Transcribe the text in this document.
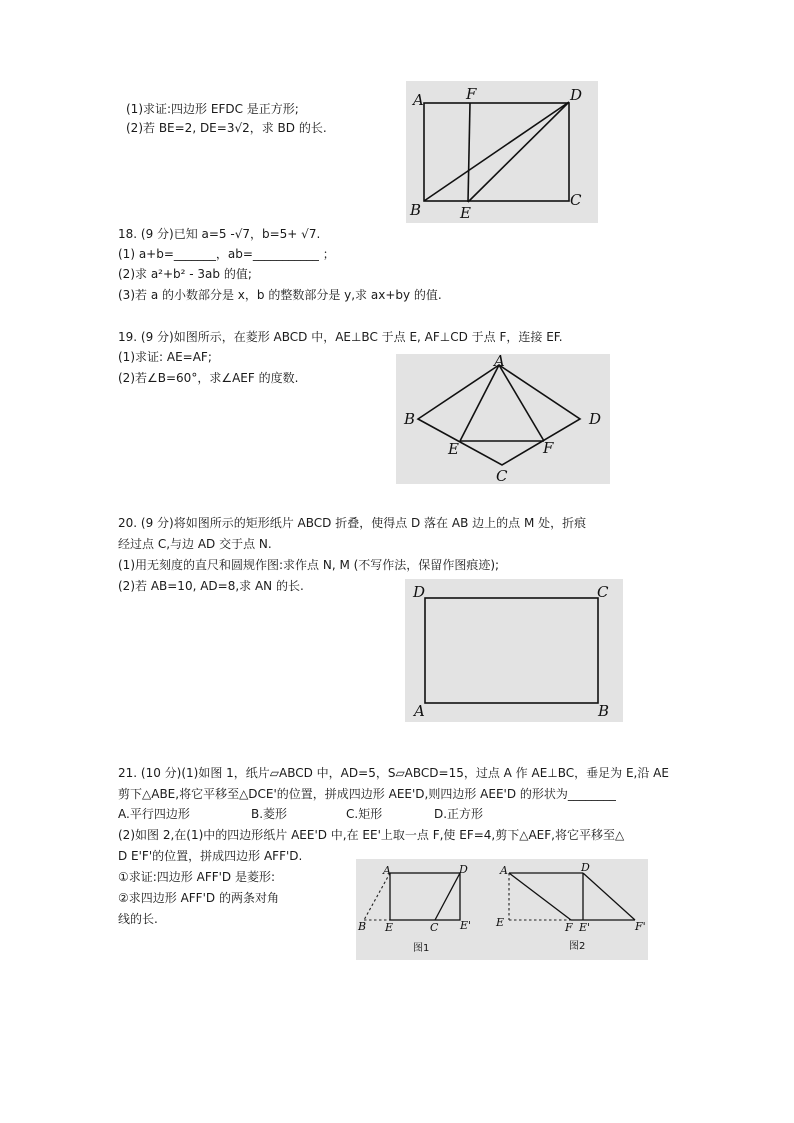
(1)求证:四边形 EFDC 是正方形;
(2)若 BE=2, DE=3√2，求 BD 的长.
A	F	D
B	E
C
18. (9 分)已知 a=5 -√7，b=5+ √7.
(1) a+b=_______，ab=___________ ；
(2)求 a²+b² - 3ab 的值;
(3)若 a 的小数部分是 x，b 的整数部分是 y,求 ax+by 的值.
19. (9 分)如图所示，在菱形 ABCD 中，AE⊥BC 于点 E, AF⊥CD 于点 F，连接 EF.
(1)求证: AE=AF;
(2)若∠B=60°，求∠AEF 的度数.
A
B	D
E	F
C
20. (9 分)将如图所示的矩形纸片 ABCD 折叠，使得点 D 落在 AB 边上的点 M 处，折痕
经过点 C,与边 AD 交于点 N.
(1)用无刻度的直尺和圆规作图:求作点 N, M (不写作法，保留作图痕迹);
(2)若 AB=10, AD=8,求 AN 的长.	D	C
A	B
21. (10 分)(1)如图 1，纸片▱ABCD 中，AD=5，S▱ABCD=15，过点 A 作 AE⊥BC，垂足为 E,沿 AE
剪下△ABE,将它平移至△DCE'的位置，拼成四边形 AEE'D,则四边形 AEE'D 的形状为________
A.平行四边形	B.菱形	C.矩形	D.正方形
(2)如图 2,在(1)中的四边形纸片 AEE'D 中,在 EE'上取一点 F,使 EF=4,剪下△AEF,将它平移至△
D E'F'的位置，拼成四边形 AFF'D.
①求证:四边形 AFF'D 是菱形:
②求四边形 AFF'D 的两条对角
线的长.
A	D
B E	C E'
图1
A	D
E	F E'	F'
图2
